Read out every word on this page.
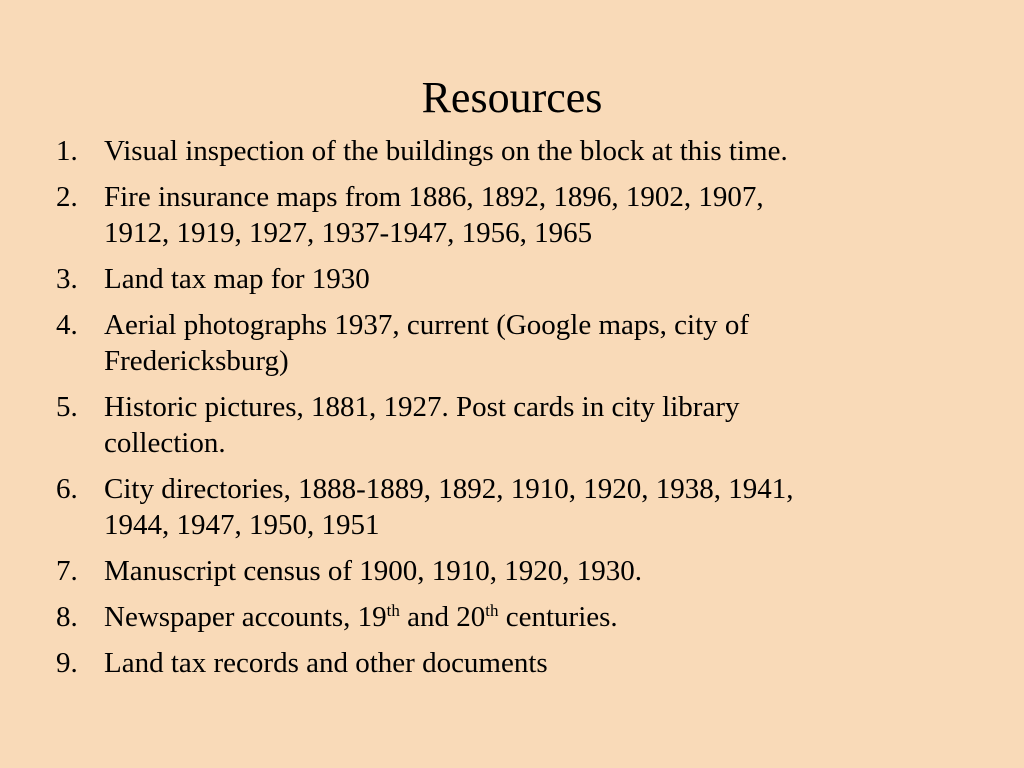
Resources
1. Visual inspection of the buildings on the block at this time.
2. Fire insurance maps from 1886, 1892, 1896, 1902, 1907,
1912, 1919, 1927, 1937-1947, 1956, 1965
3. Land tax map for 1930
4. Aerial photographs 1937, current (Google maps, city of
Fredericksburg)
5. Historic pictures, 1881, 1927. Post cards in city library
collection.
6. City directories, 1888-1889, 1892, 1910, 1920, 1938, 1941,
1944, 1947, 1950, 1951
7. Manuscript census of 1900, 1910, 1920, 1930.
8. Newspaper accounts, 19th and 20th centuries.
9. Land tax records and other documents
